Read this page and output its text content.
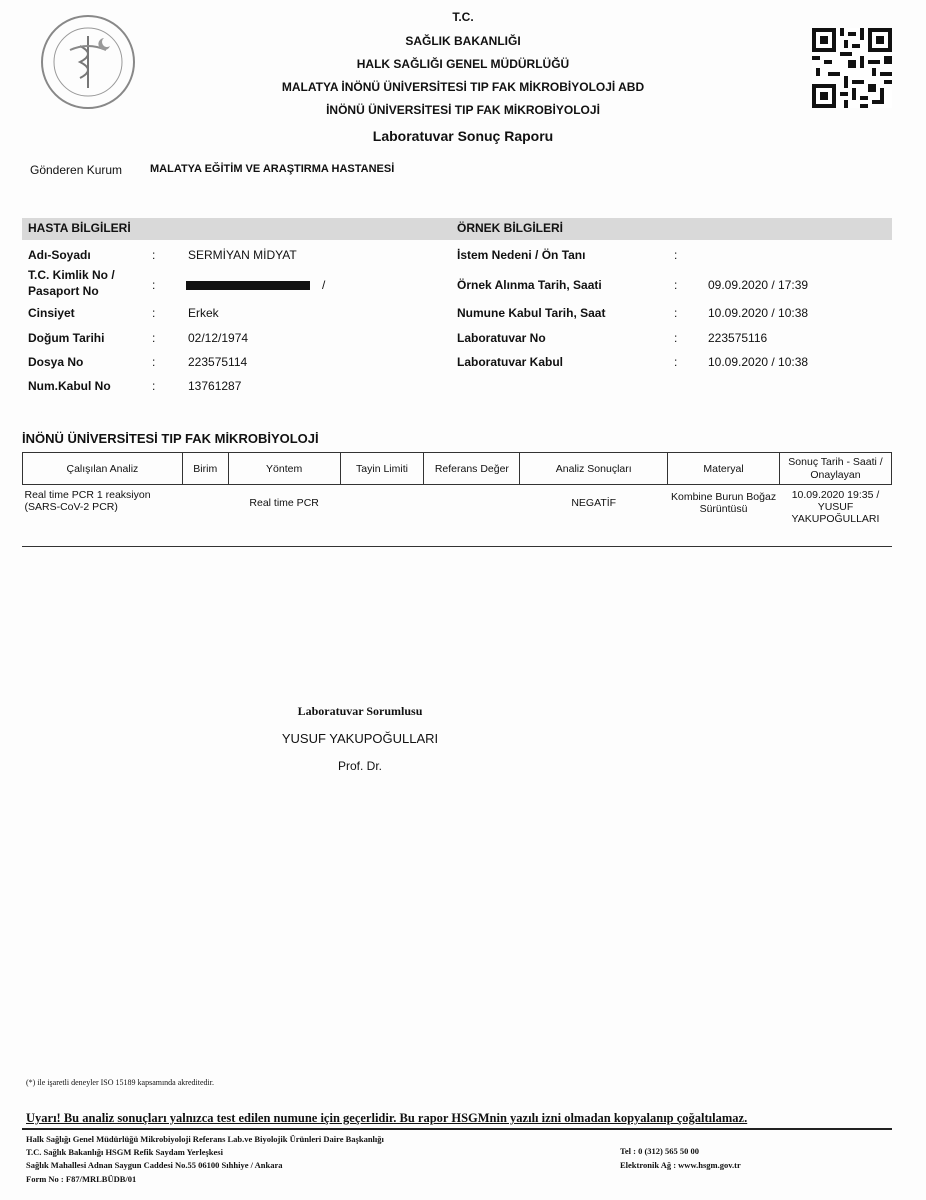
T.C.
SAĞLIK BAKANLIĞI
HALK SAĞLIĞI GENEL MÜDÜRLÜĞÜ
MALATYA İNÖNÜ ÜNİVERSİTESİ TIP FAK MİKROBİYOLOJİ ABD
İNÖNÜ ÜNİVERSİTESİ TIP FAK MİKROBİYOLOJİ
Laboratuvar Sonuç Raporu
Gönderen Kurum	MALATYA EĞİTİM VE ARAŞTIRMA HASTANESİ
HASTA BİLGİLERİ	ÖRNEK BİLGİLERİ
Adı-Soyadı	:	SERMİYAN MİDYAT
T.C. Kimlik No /
Pasaport No	:	/
Cinsiyet	:	Erkek
Doğum Tarihi	:	02/12/1974
Dosya No	:	223575114
Num.Kabul No	:	13761287
İstem Nedeni / Ön Tanı	:
Örnek Alınma Tarih, Saati	:	09.09.2020 / 17:39
Numune Kabul Tarih, Saat	:	10.09.2020 / 10:38
Laboratuvar No	:	223575116
Laboratuvar Kabul	:	10.09.2020 / 10:38
İNÖNÜ ÜNİVERSİTESİ TIP FAK MİKROBİYOLOJİ
Çalışılan Analiz	Birim	Yöntem	Tayin Limiti	Referans Değer	Analiz Sonuçları	Materyal	Sonuç Tarih - Saati / Onaylayan
Real time PCR 1 reaksiyon (SARS-CoV-2 PCR)		Real time PCR			NEGATİF	Kombine Burun Boğaz Sürüntüsü	10.09.2020 19:35 / YUSUF YAKUPOĞULLARI
Laboratuvar Sorumlusu
YUSUF YAKUPOĞULLARI
Prof. Dr.
(*) ile işaretli deneyler ISO 15189 kapsamında akreditedir.
Uyarı! Bu analiz sonuçları yalnızca test edilen numune için geçerlidir. Bu rapor HSGMnin yazılı izni olmadan kopyalanıp çoğaltılamaz.
Halk Sağlığı Genel Müdürlüğü Mikrobiyoloji Referans Lab.ve Biyolojik Ürünleri Daire Başkanlığı
T.C. Sağlık Bakanlığı HSGM Refik Saydam Yerleşkesi
Sağlık Mahallesi Adnan Saygun Caddesi No.55 06100 Sıhhiye / Ankara
Form No : F87/MRLBÜDB/01
Tel : 0 (312) 565 50 00
Elektronik Ağ : www.hsgm.gov.tr
